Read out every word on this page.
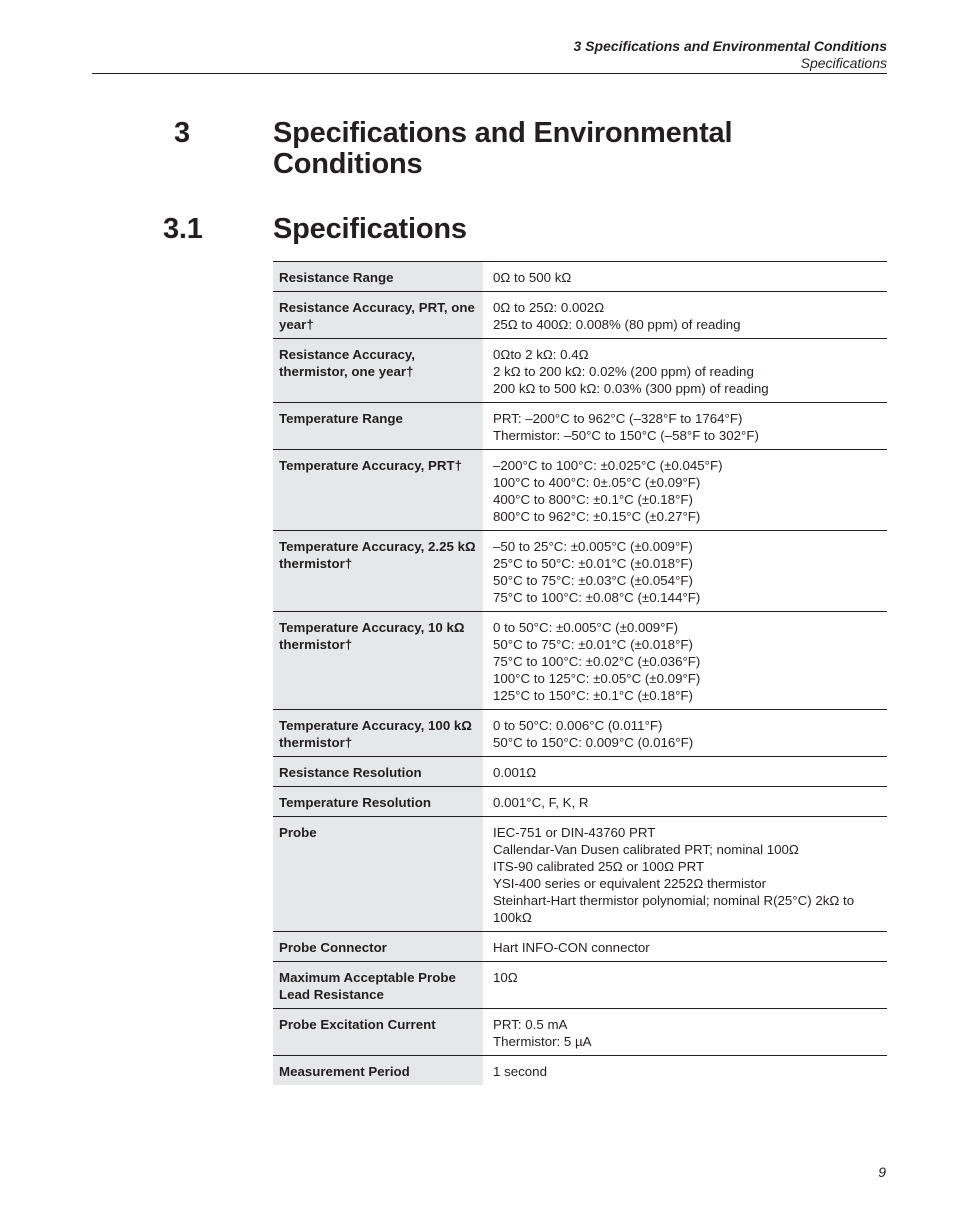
3 Specifications and Environmental Conditions
Specifications
3	Specifications and Environmental Conditions
3.1 Specifications
Resistance Range	0Ω to 500 kΩ

Resistance Accuracy, PRT, one year†	0Ω to 25Ω: 0.002Ω
25Ω to 400Ω: 0.008% (80 ppm) of reading

Resistance Accuracy, thermistor, one year†	0Ωto 2 kΩ: 0.4Ω
2 kΩ to 200 kΩ: 0.02% (200 ppm) of reading
200 kΩ to 500 kΩ: 0.03% (300 ppm) of reading

Temperature Range	PRT: –200°C to 962°C (–328°F to 1764°F)
Thermistor: –50°C to 150°C (–58°F to 302°F)

Temperature Accuracy, PRT†	–200°C to 100°C: ±0.025°C (±0.045°F)
100°C to 400°C: 0±.05°C (±0.09°F)
400°C to 800°C: ±0.1°C (±0.18°F)
800°C to 962°C: ±0.15°C (±0.27°F)

Temperature Accuracy, 2.25 kΩ thermistor†	–50 to 25°C: ±0.005°C (±0.009°F)
25°C to 50°C: ±0.01°C (±0.018°F)
50°C to 75°C: ±0.03°C (±0.054°F)
75°C to 100°C: ±0.08°C (±0.144°F)

Temperature Accuracy, 10 kΩ thermistor†	0 to 50°C: ±0.005°C (±0.009°F)
50°C to 75°C: ±0.01°C (±0.018°F)
75°C to 100°C: ±0.02°C (±0.036°F)
100°C to 125°C: ±0.05°C (±0.09°F)
125°C to 150°C: ±0.1°C (±0.18°F)

Temperature Accuracy, 100 kΩ thermistor†	0 to 50°C: 0.006°C (0.011°F)
50°C to 150°C: 0.009°C (0.016°F)

Resistance Resolution	0.001Ω

Temperature Resolution	0.001°C, F, K, R

Probe	IEC-751 or DIN-43760 PRT
Callendar-Van Dusen calibrated PRT; nominal 100Ω
ITS-90 calibrated 25Ω or 100Ω PRT
YSI-400 series or equivalent 2252Ω thermistor
Steinhart-Hart thermistor polynomial; nominal R(25°C) 2kΩ to 100kΩ

Probe Connector	Hart INFO-CON connector

Maximum Acceptable Probe Lead Resistance	10Ω

Probe Excitation Current	PRT: 0.5 mA
Thermistor: 5 µA

Measurement Period	1 second
9
